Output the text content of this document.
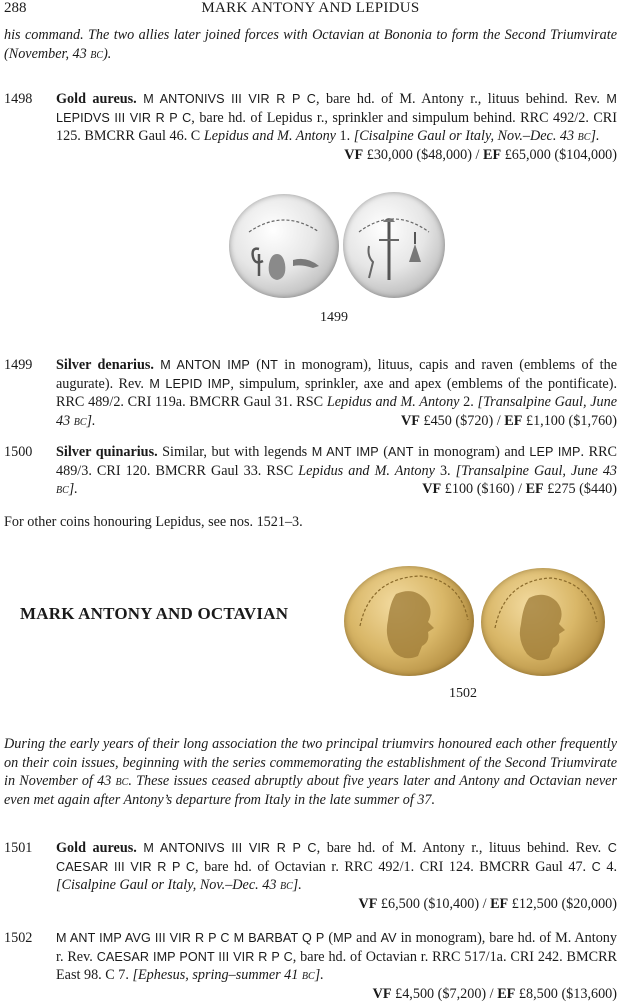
288	MARK ANTONY AND LEPIDUS

his command. The two allies later joined forces with Octavian at Bononia to form the Second Triumvirate (November, 43 bc).

1498	Gold aureus. M ANTONIVS III VIR R P C, bare hd. of M. Antony r., lituus behind. Rev. M LEPIDVS III VIR R P C, bare hd. of Lepidus r., sprinkler and simpulum behind. RRC 492/2. CRI 125. BMCRR Gaul 46. C Lepidus and M. Antony 1. [Cisalpine Gaul or Italy, Nov.–Dec. 43 bc].
VF £30,000 ($48,000) / EF £65,000 ($104,000)
1499
1499	Silver denarius. M ANTON IMP (NT in monogram), lituus, capis and raven (emblems of the augurate). Rev. M LEPID IMP, simpulum, sprinkler, axe and apex (emblems of the pontificate). RRC 489/2. CRI 119a. BMCRR Gaul 31. RSC Lepidus and M. Antony 2. [Transalpine Gaul, June 43 bc].	VF £450 ($720) / EF £1,100 ($1,760)
1500	Silver quinarius. Similar, but with legends M ANT IMP (ANT in monogram) and LEP IMP. RRC 489/3. CRI 120. BMCRR Gaul 33. RSC Lepidus and M. Antony 3. [Transalpine Gaul, June 43 bc].	VF £100 ($160) / EF £275 ($440)

For other coins honouring Lepidus, see nos. 1521–3.

MARK ANTONY AND OCTAVIAN
1502

During the early years of their long association the two principal triumvirs honoured each other frequently on their coin issues, beginning with the series commemorating the establishment of the Second Triumvirate in November of 43 bc. These issues ceased abruptly about five years later and Antony and Octavian never even met again after Antony’s departure from Italy in the late summer of 37.

1501	Gold aureus. M ANTONIVS III VIR R P C, bare hd. of M. Antony r., lituus behind. Rev. C CAESAR III VIR R P C, bare hd. of Octavian r. RRC 492/1. CRI 124. BMCRR Gaul 47. C 4. [Cisalpine Gaul or Italy, Nov.–Dec. 43 bc].
VF £6,500 ($10,400) / EF £12,500 ($20,000)
1502	M ANT IMP AVG III VIR R P C M BARBAT Q P (MP and AV in monogram), bare hd. of M. Antony r. Rev. CAESAR IMP PONT III VIR R P C, bare hd. of Octavian r. RRC 517/1a. CRI 242. BMCRR East 98. C 7. [Ephesus, spring–summer 41 bc].
VF £4,500 ($7,200) / EF £8,500 ($13,600)
